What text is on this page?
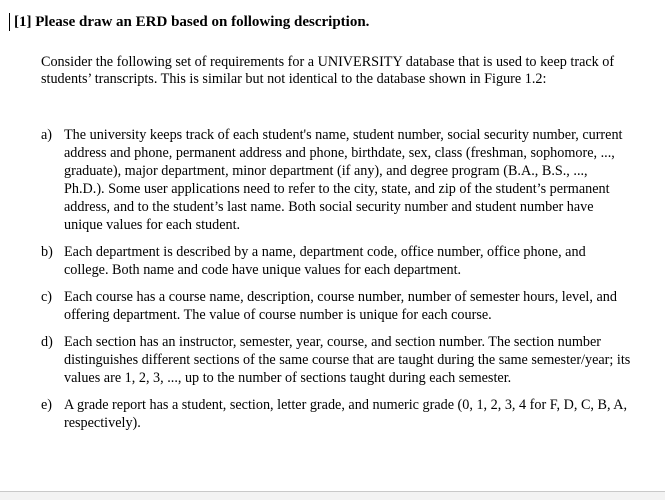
[1] Please draw an ERD based on following description.
Consider the following set of requirements for a UNIVERSITY database that is used to keep track of students’ transcripts. This is similar but not identical to the database shown in Figure 1.2:
a) The university keeps track of each student's name, student number, social security number, current address and phone, permanent address and phone, birthdate, sex, class (freshman, sophomore, ..., graduate), major department, minor department (if any), and degree program (B.A., B.S., ..., Ph.D.). Some user applications need to refer to the city, state, and zip of the student’s permanent address, and to the student’s last name. Both social security number and student number have unique values for each student.
b) Each department is described by a name, department code, office number, office phone, and college. Both name and code have unique values for each department.
c) Each course has a course name, description, course number, number of semester hours, level, and offering department. The value of course number is unique for each course.
d) Each section has an instructor, semester, year, course, and section number. The section number distinguishes different sections of the same course that are taught during the same semester/year; its values are 1, 2, 3, ..., up to the number of sections taught during each semester.
e) A grade report has a student, section, letter grade, and numeric grade (0, 1, 2, 3, 4 for F, D, C, B, A, respectively).
